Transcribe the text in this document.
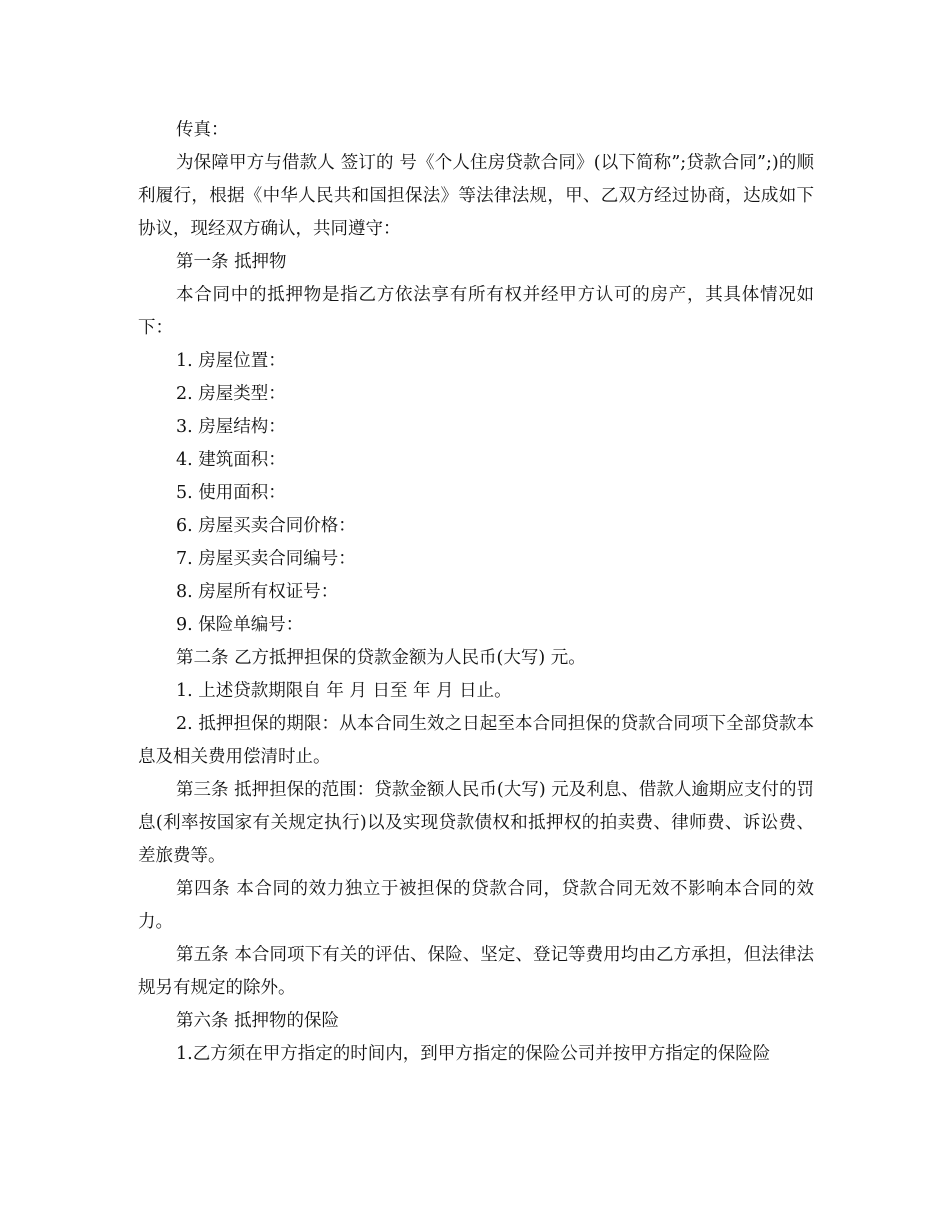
传真：

为保障甲方与借款人 签订的 号《个人住房贷款合同》(以下简称”;贷款合同”;)的顺利履行，根据《中华人民共和国担保法》等法律法规，甲、乙双方经过协商，达成如下协议，现经双方确认，共同遵守：

第一条 抵押物

本合同中的抵押物是指乙方依法享有所有权并经甲方认可的房产，其具体情况如下：

1. 房屋位置：

2. 房屋类型：

3. 房屋结构：

4. 建筑面积：

5. 使用面积：

6. 房屋买卖合同价格：

7. 房屋买卖合同编号：

8. 房屋所有权证号：

9. 保险单编号：

第二条 乙方抵押担保的贷款金额为人民币(大写) 元。

1. 上述贷款期限自 年 月 日至 年 月 日止。

2. 抵押担保的期限：从本合同生效之日起至本合同担保的贷款合同项下全部贷款本息及相关费用偿清时止。

第三条 抵押担保的范围：贷款金额人民币(大写) 元及利息、借款人逾期应支付的罚息(利率按国家有关规定执行)以及实现贷款债权和抵押权的拍卖费、律师费、诉讼费、差旅费等。

第四条 本合同的效力独立于被担保的贷款合同，贷款合同无效不影响本合同的效力。

第五条 本合同项下有关的评估、保险、坚定、登记等费用均由乙方承担，但法律法规另有规定的除外。

第六条 抵押物的保险

1.乙方须在甲方指定的时间内，到甲方指定的保险公司并按甲方指定的保险险
